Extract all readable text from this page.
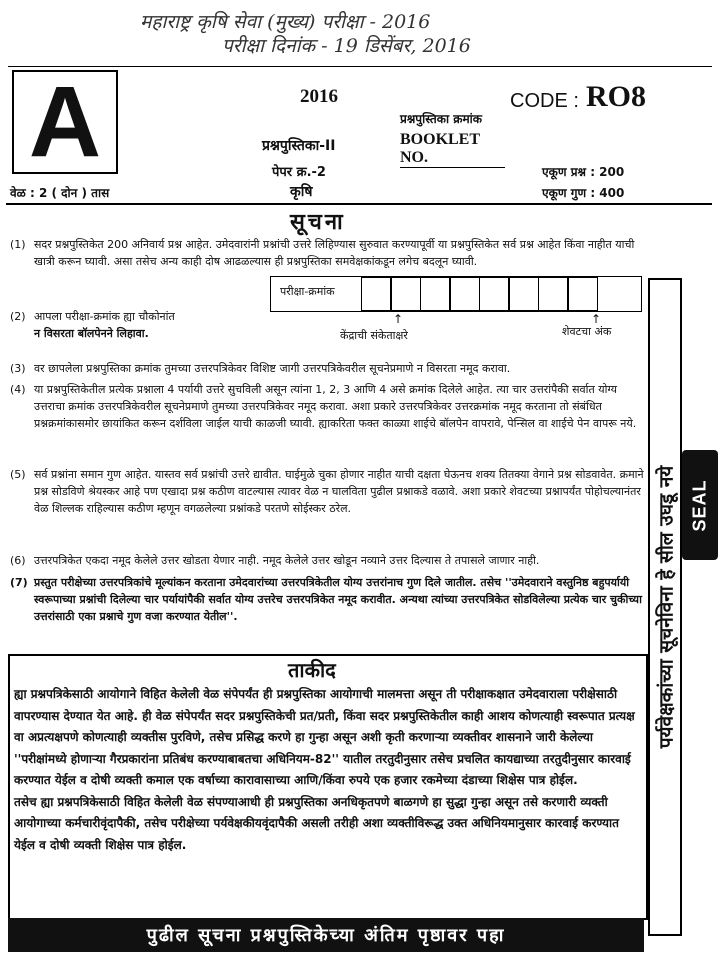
महाराष्ट्र कृषि सेवा (मुख्य) परीक्षा - 2016
परीक्षा दिनांक - 19 डिसेंबर, 2016
A	2016	CODE : RO8
प्रश्नपुस्तिका क्रमांक
BOOKLET NO.
प्रश्नपुस्तिका-II
पेपर क्र.-2
कृषि
वेळ : 2 ( दोन ) तास
एकूण प्रश्न : 200
एकूण गुण : 400
सूचना
(1) सदर प्रश्नपुस्तिकेत 200 अनिवार्य प्रश्न आहेत. उमेदवारांनी प्रश्नांची उत्तरे लिहिण्यास सुरुवात करण्यापूर्वी या प्रश्नपुस्तिकेत सर्व प्रश्न आहेत किंवा नाहीत याची खात्री करून घ्यावी. असा तसेच अन्य काही दोष आढळल्यास ही प्रश्नपुस्तिका समवेक्षकांकडून लगेच बदलून घ्यावी.
(2) आपला परीक्षा-क्रमांक ह्या चौकोनांत
न विसरता बॉलपेनने लिहावा.
परीक्षा-क्रमांक
↑
केंद्राची संकेताक्षरे
↑
शेवटचा अंक
(3) वर छापलेला प्रश्नपुस्तिका क्रमांक तुमच्या उत्तरपत्रिकेवर विशिष्ट जागी उत्तरपत्रिकेवरील सूचनेप्रमाणे न विसरता नमूद करावा.
(4) या प्रश्नपुस्तिकेतील प्रत्येक प्रश्नाला 4 पर्यायी उत्तरे सुचविली असून त्यांना 1, 2, 3 आणि 4 असे क्रमांक दिलेले आहेत. त्या चार उत्तरांपैकी सर्वात योग्य उत्तराचा क्रमांक उत्तरपत्रिकेवरील सूचनेप्रमाणे तुमच्या उत्तरपत्रिकेवर नमूद करावा. अशा प्रकारे उत्तरपत्रिकेवर उत्तरक्रमांक नमूद करताना तो संबंधित प्रश्नक्रमांकासमोर छायांकित करून दर्शविला जाईल याची काळजी घ्यावी. ह्याकरिता फक्त काळ्या शाईचे बॉलपेन वापरावे, पेन्सिल वा शाईचे पेन वापरू नये.
(5) सर्व प्रश्नांना समान गुण आहेत. यास्तव सर्व प्रश्नांची उत्तरे द्यावीत. घाईमुळे चुका होणार नाहीत याची दक्षता घेऊनच शक्य तितक्या वेगाने प्रश्न सोडवावेत. क्रमाने प्रश्न सोडविणे श्रेयस्कर आहे पण एखादा प्रश्न कठीण वाटल्यास त्यावर वेळ न घालविता पुढील प्रश्नाकडे वळावे. अशा प्रकारे शेवटच्या प्रश्नापर्यंत पोहोचल्यानंतर वेळ शिल्लक राहिल्यास कठीण म्हणून वगळलेल्या प्रश्नांकडे परतणे सोईस्कर ठरेल.
(6) उत्तरपत्रिकेत एकदा नमूद केलेले उत्तर खोडता येणार नाही. नमूद केलेले उत्तर खोडून नव्याने उत्तर दिल्यास ते तपासले जाणार नाही.
(7) प्रस्तुत परीक्षेच्या उत्तरपत्रिकांचे मूल्यांकन करताना उमेदवारांच्या उत्तरपत्रिकेतील योग्य उत्तरांनाच गुण दिले जातील. तसेच ''उमेदवाराने वस्तुनिष्ठ बहुपर्यायी स्वरूपाच्या प्रश्नांची दिलेल्या चार पर्यायांपैकी सर्वात योग्य उत्तरेच उत्तरपत्रिकेत नमूद करावीत. अन्यथा त्यांच्या उत्तरपत्रिकेत सोडविलेल्या प्रत्येक चार चुकीच्या उत्तरांसाठी एका प्रश्नाचे गुण वजा करण्यात येतील''.
ताकीद
ह्या प्रश्नपत्रिकेसाठी आयोगाने विहित केलेली वेळ संपेपर्यंत ही प्रश्नपुस्तिका आयोगाची मालमत्ता असून ती परीक्षाकक्षात उमेदवाराला परीक्षेसाठी वापरण्यास देण्यात येत आहे. ही वेळ संपेपर्यंत सदर प्रश्नपुस्तिकेची प्रत/प्रती, किंवा सदर प्रश्नपुस्तिकेतील काही आशय कोणत्याही स्वरूपात प्रत्यक्ष वा अप्रत्यक्षपणे कोणत्याही व्यक्तीस पुरविणे, तसेच प्रसिद्ध करणे हा गुन्हा असून अशी कृती करणाऱ्या व्यक्तीवर शासनाने जारी केलेल्या ''परीक्षांमध्ये होणाऱ्या गैरप्रकारांना प्रतिबंध करण्याबाबतचा अधिनियम-82'' यातील तरतुदीनुसार तसेच प्रचलित कायद्याच्या तरतुदीनुसार कारवाई करण्यात येईल व दोषी व्यक्ती कमाल एक वर्षाच्या कारावासाच्या आणि/किंवा रुपये एक हजार रकमेच्या दंडाच्या शिक्षेस पात्र होईल.
तसेच ह्या प्रश्नपत्रिकेसाठी विहित केलेली वेळ संपण्याआधी ही प्रश्नपुस्तिका अनधिकृतपणे बाळगणे हा सुद्धा गुन्हा असून तसे करणारी व्यक्ती आयोगाच्या कर्मचारीवृंदापैकी, तसेच परीक्षेच्या पर्यवेक्षकीयवृंदापैकी असली तरीही अशा व्यक्तीविरूद्ध उक्त अधिनियमानुसार कारवाई करण्यात येईल व दोषी व्यक्ती शिक्षेस पात्र होईल.
पुढील सूचना प्रश्नपुस्तिकेच्या अंतिम पृष्ठावर पहा
पर्यवेक्षकांच्या सूचनेविना हे सील उघडू नये SEAL
